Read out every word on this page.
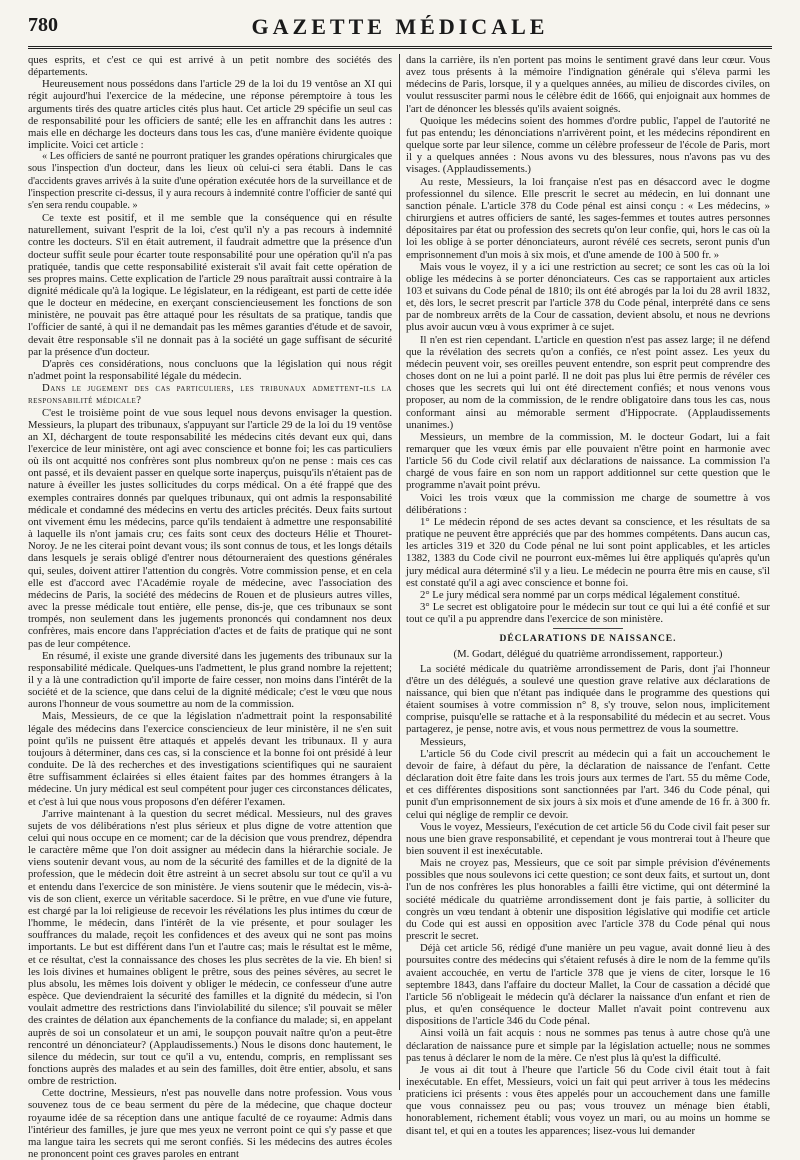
780	GAZETTE MÉDICALE

ques esprits, et c'est ce qui est arrivé à un petit nombre des sociétés des départements.

Heureusement nous possédons dans l'article 29 de la loi du 19 ventôse an XI qui régit aujourd'hui l'exercice de la médecine, une réponse péremptoire à tous les arguments tirés des quatre articles cités plus haut. Cet article 29 spécifie un seul cas de responsabilité pour les officiers de santé; elle les en affranchit dans les autres : mais elle en décharge les docteurs dans tous les cas, d'une manière évidente quoique implicite. Voici cet article :

« Les officiers de santé ne pourront pratiquer les grandes opérations chirurgicales que sous l'inspection d'un docteur, dans les lieux où celui-ci sera établi. Dans le cas d'accidents graves arrivés à la suite d'une opération exécutée hors de la surveillance et de l'inspection prescrite ci-dessus, il y aura recours à indemnité contre l'officier de santé qui s'en sera rendu coupable. »

Ce texte est positif, et il me semble que la conséquence qui en résulte naturellement, suivant l'esprit de la loi, c'est qu'il n'y a pas recours à indemnité contre les docteurs. S'il en était autrement, il faudrait admettre que la présence d'un docteur suffit seule pour écarter toute responsabilité pour une opération qu'il n'a pas pratiquée, tandis que cette responsabilité existerait s'il avait fait cette opération de ses propres mains. Cette explication de l'article 29 nous paraîtrait aussi contraire à la dignité médicale qu'à la logique. Le législateur, en la rédigeant, est parti de cette idée que le docteur en médecine, en exerçant consciencieusement les fonctions de son ministère, ne pouvait pas être attaqué pour les résultats de sa pratique, tandis que l'officier de santé, à qui il ne demandait pas les mêmes garanties d'étude et de savoir, devait être responsable s'il ne donnait pas à la société un gage suffisant de sécurité par la présence d'un docteur.

D'après ces considérations, nous concluons que la législation qui nous régit n'admet point la responsabilité légale du médecin.

Dans le jugement des cas particuliers, les tribunaux admettent-ils la responsabilité médicale?

C'est le troisième point de vue sous lequel nous devons envisager la question. Messieurs, la plupart des tribunaux, s'appuyant sur l'article 29 de la loi du 19 ventôse an XI, déchargent de toute responsabilité les médecins cités devant eux qui, dans l'exercice de leur ministère, ont agi avec conscience et bonne foi; les cas particuliers où ils ont acquitté nos confrères sont plus nombreux qu'on ne pense : mais ces cas ont passé, et ils devaient passer en quelque sorte inaperçus, puisqu'ils n'étaient pas de nature à éveiller les justes sollicitudes du corps médical. On a été frappé que des exemples contraires donnés par quelques tribunaux, qui ont admis la responsabilité médicale et condamné des médecins en vertu des articles précités. Deux faits surtout ont vivement ému les médecins, parce qu'ils tendaient à admettre une responsabilité à laquelle ils n'ont jamais cru; ces faits sont ceux des docteurs Hélie et Thouret-Noroy. Je ne les citerai point devant vous; ils sont connus de tous, et les longs détails dans lesquels je serais obligé d'entrer nous détourneraient des questions générales qui, seules, doivent attirer l'attention du congrès. Votre commission pense, et en cela elle est d'accord avec l'Académie royale de médecine, avec l'association des médecins de Paris, la société des médecins de Rouen et de plusieurs autres villes, avec la presse médicale tout entière, elle pense, dis-je, que ces tribunaux se sont trompés, non seulement dans les jugements prononcés qui condamnent nos deux confrères, mais encore dans l'appréciation d'actes et de faits de pratique qui ne sont pas de leur compétence.

En résumé, il existe une grande diversité dans les jugements des tribunaux sur la responsabilité médicale. Quelques-uns l'admettent, le plus grand nombre la rejettent; il y a là une contradiction qu'il importe de faire cesser, non moins dans l'intérêt de la société et de la science, que dans celui de la dignité médicale; c'est le vœu que nous aurons l'honneur de vous soumettre au nom de la commission.

Mais, Messieurs, de ce que la législation n'admettrait point la responsabilité légale des médecins dans l'exercice consciencieux de leur ministère, il ne s'en suit point qu'ils ne puissent être attaqués et appelés devant les tribunaux. Il y aura toujours à déterminer, dans ces cas, si la conscience et la bonne foi ont présidé à leur conduite. De là des recherches et des investigations scientifiques qui ne sauraient être suffisamment éclairées si elles étaient faites par des hommes étrangers à la médecine. Un jury médical est seul compétent pour juger ces circonstances délicates, et c'est à lui que nous vous proposons d'en déférer l'examen.

J'arrive maintenant à la question du secret médical. Messieurs, nul des graves sujets de vos délibérations n'est plus sérieux et plus digne de votre attention que celui qui nous occupe en ce moment; car de la décision que vous prendrez, dépendra le caractère même que l'on doit assigner au médecin dans la hiérarchie sociale. Je viens soutenir devant vous, au nom de la sécurité des familles et de la dignité de la profession, que le médecin doit être astreint à un secret absolu sur tout ce qu'il a vu et entendu dans l'exercice de son ministère. Je viens soutenir que le médecin, vis-à-vis de son client, exerce un véritable sacerdoce. Si le prêtre, en vue d'une vie future, est chargé par la loi religieuse de recevoir les révélations les plus intimes du cœur de l'homme, le médecin, dans l'intérêt de la vie présente, et pour soulager les souffrances du malade, reçoit les confidences et des aveux qui ne sont pas moins importants. Le but est différent dans l'un et l'autre cas; mais le résultat est le même, et ce résultat, c'est la connaissance des choses les plus secrètes de la vie. Eh bien! si les lois divines et humaines obligent le prêtre, sous des peines sévères, au secret le plus absolu, les mêmes lois doivent y obliger le médecin, ce confesseur d'une autre espèce. Que deviendraient la sécurité des familles et la dignité du médecin, si l'on voulait admettre des restrictions dans l'inviolabilité du silence; s'il pouvait se mêler des craintes de délation aux épanchements de la confiance du malade; si, en appelant auprès de soi un consolateur et un ami, le soupçon pouvait naître qu'on a peut-être rencontré un dénonciateur? (Applaudissements.) Nous le disons donc hautement, le silence du médecin, sur tout ce qu'il a vu, entendu, compris, en remplissant ses fonctions auprès des malades et au sein des familles, doit être entier, absolu, et sans ombre de restriction.

Cette doctrine, Messieurs, n'est pas nouvelle dans notre profession. Vous vous souvenez tous de ce beau serment du père de la médecine, que chaque docteur royaume idée de sa réception dans une antique faculté de ce royaume: Admis dans l'intérieur des familles, je jure que mes yeux ne verront point ce qui s'y passe et que ma langue taira les secrets qui me seront confiés. Si les médecins des autres écoles ne prononcent point ces graves paroles en entrant

dans la carrière, ils n'en portent pas moins le sentiment gravé dans leur cœur. Vous avez tous présents à la mémoire l'indignation générale qui s'éleva parmi les médecins de Paris, lorsque, il y a quelques années, au milieu de discordes civiles, on voulut ressusciter parmi nous le célèbre édit de 1666, qui enjoignait aux hommes de l'art de dénoncer les blessés qu'ils avaient soignés.

Quoique les médecins soient des hommes d'ordre public, l'appel de l'autorité ne fut pas entendu; les dénonciations n'arrivèrent point, et les médecins répondirent en quelque sorte par leur silence, comme un célèbre professeur de l'école de Paris, mort il y a quelques années : Nous avons vu des blessures, nous n'avons pas vu des visages. (Applaudissements.)

Au reste, Messieurs, la loi française n'est pas en désaccord avec le dogme professionnel du silence. Elle prescrit le secret au médecin, en lui donnant une sanction pénale. L'article 378 du Code pénal est ainsi conçu : « Les médecins, » chirurgiens et autres officiers de santé, les sages-femmes et toutes autres personnes dépositaires par état ou profession des secrets qu'on leur confie, qui, hors le cas où la loi les oblige à se porter dénonciateurs, auront révélé ces secrets, seront punis d'un emprisonnement d'un mois à six mois, et d'une amende de 100 à 500 fr. »

Mais vous le voyez, il y a ici une restriction au secret; ce sont les cas où la loi oblige les médecins à se porter dénonciateurs. Ces cas se rapportaient aux articles 103 et suivans du Code pénal de 1810; ils ont été abrogés par la loi du 28 avril 1832, et, dès lors, le secret prescrit par l'article 378 du Code pénal, interprété dans ce sens par de nombreux arrêts de la Cour de cassation, devient absolu, et nous ne devrions plus avoir aucun vœu à vous exprimer à ce sujet.

Il n'en est rien cependant. L'article en question n'est pas assez large; il ne défend que la révélation des secrets qu'on a confiés, ce n'est point assez. Les yeux du médecin peuvent voir, ses oreilles peuvent entendre, son esprit peut comprendre des choses dont on ne lui a point parlé. Il ne doit pas plus lui être permis de révéler ces choses que les secrets qui lui ont été directement confiés; et nous venons vous proposer, au nom de la commission, de le rendre obligatoire dans tous les cas, nous conformant ainsi au mémorable serment d'Hippocrate. (Applaudissements unanimes.)

Messieurs, un membre de la commission, M. le docteur Godart, lui a fait remarquer que les vœux émis par elle pouvaient n'être point en harmonie avec l'article 56 du Code civil relatif aux déclarations de naissance. La commission l'a chargé de vous faire en son nom un rapport additionnel sur cette question que le programme n'avait point prévu.

Voici les trois vœux que la commission me charge de soumettre à vos délibérations :

1° Le médecin répond de ses actes devant sa conscience, et les résultats de sa pratique ne peuvent être appréciés que par des hommes compétents. Dans aucun cas, les articles 319 et 320 du Code pénal ne lui sont point applicables, et les articles 1382, 1383 du Code civil ne pourront eux-mêmes lui être appliqués qu'après qu'un jury médical aura déterminé s'il y a lieu. Le médecin ne pourra être mis en cause, s'il est constaté qu'il a agi avec conscience et bonne foi.

2° Le jury médical sera nommé par un corps médical légalement constitué.

3° Le secret est obligatoire pour le médecin sur tout ce qui lui a été confié et sur tout ce qu'il a pu apprendre dans l'exercice de son ministère.

DÉCLARATIONS DE NAISSANCE.
(M. Godart, délégué du quatrième arrondissement, rapporteur.)

La société médicale du quatrième arrondissement de Paris, dont j'ai l'honneur d'être un des délégués, a soulevé une question grave relative aux déclarations de naissance, qui bien que n'étant pas indiquée dans le programme des questions qui étaient soumises à votre commission n° 8, s'y trouve, selon nous, implicitement comprise, puisqu'elle se rattache et à la responsabilité du médecin et au secret. Vous partagerez, je pense, notre avis, et vous nous permettrez de vous la soumettre.

Messieurs,

L'article 56 du Code civil prescrit au médecin qui a fait un accouchement le devoir de faire, à défaut du père, la déclaration de naissance de l'enfant. Cette déclaration doit être faite dans les trois jours aux termes de l'art. 55 du même Code, et ces différentes dispositions sont sanctionnées par l'art. 346 du Code pénal, qui punit d'un emprisonnement de six jours à six mois et d'une amende de 16 fr. à 300 fr. celui qui néglige de remplir ce devoir.

Vous le voyez, Messieurs, l'exécution de cet article 56 du Code civil fait peser sur nous une bien grave responsabilité, et cependant je vous montrerai tout à l'heure que bien souvent il est inexécutable.

Mais ne croyez pas, Messieurs, que ce soit par simple prévision d'événements possibles que nous soulevons ici cette question; ce sont deux faits, et surtout un, dont l'un de nos confrères les plus honorables a failli être victime, qui ont déterminé la société médicale du quatrième arrondissement dont je fais partie, à solliciter du congrès un vœu tendant à obtenir une disposition législative qui modifie cet article du Code qui est aussi en opposition avec l'article 378 du Code pénal qui nous prescrit le secret.

Déjà cet article 56, rédigé d'une manière un peu vague, avait donné lieu à des poursuites contre des médecins qui s'étaient refusés à dire le nom de la femme qu'ils avaient accouchée, en vertu de l'article 378 que je viens de citer, lorsque le 16 septembre 1843, dans l'affaire du docteur Mallet, la Cour de cassation a décidé que l'article 56 n'obligeait le médecin qu'à déclarer la naissance d'un enfant et rien de plus, et qu'en conséquence le docteur Mallet n'avait point contrevenu aux dispositions de l'article 346 du Code pénal.

Ainsi voilà un fait acquis : nous ne sommes pas tenus à autre chose qu'à une déclaration de naissance pure et simple par la législation actuelle; nous ne sommes pas tenus à déclarer le nom de la mère. Ce n'est plus là qu'est la difficulté.

Je vous ai dit tout à l'heure que l'article 56 du Code civil était tout à fait inexécutable. En effet, Messieurs, voici un fait qui peut arriver à tous les médecins praticiens ici présents : vous êtes appelés pour un accouchement dans une famille que vous connaissez peu ou pas; vous trouvez un ménage bien établi, honorablement, richement établi; vous voyez un mari, ou au moins un homme se disant tel, et qui en a toutes les apparences; lisez-vous lui demander
